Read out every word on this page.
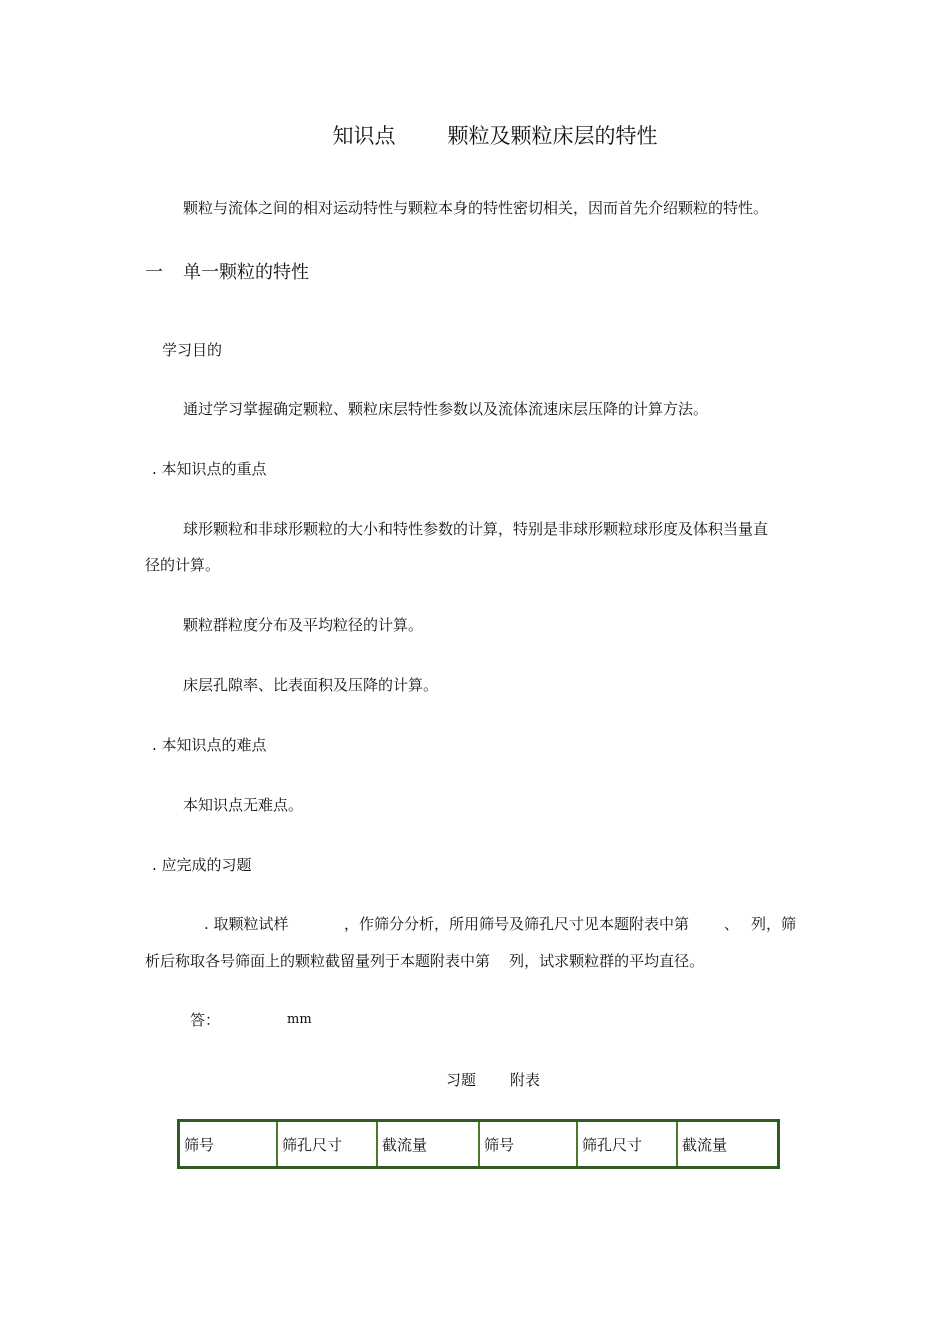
知识点 颗粒及颗粒床层的特性
颗粒与流体之间的相对运动特性与颗粒本身的特性密切相关，因而首先介绍颗粒的特性。
一 单一颗粒的特性
学习目的
通过学习掌握确定颗粒、颗粒床层特性参数以及流体流速床层压降的计算方法。
. 本知识点的重点
球形颗粒和非球形颗粒的大小和特性参数的计算，特别是非球形颗粒球形度及体积当量直
径的计算。
颗粒群粒度分布及平均粒径的计算。
床层孔隙率、比表面积及压降的计算。
. 本知识点的难点
本知识点无难点。
. 应完成的习题
. 取颗粒试样	，作筛分分析，所用筛号及筛孔尺寸见本题附表中第 、 列，筛
析后称取各号筛面上的颗粒截留量列于本题附表中第    列，试求颗粒群的平均直径。
答：	mm
习题 附表
筛号	筛孔尺寸	截流量	筛号	筛孔尺寸	截流量
